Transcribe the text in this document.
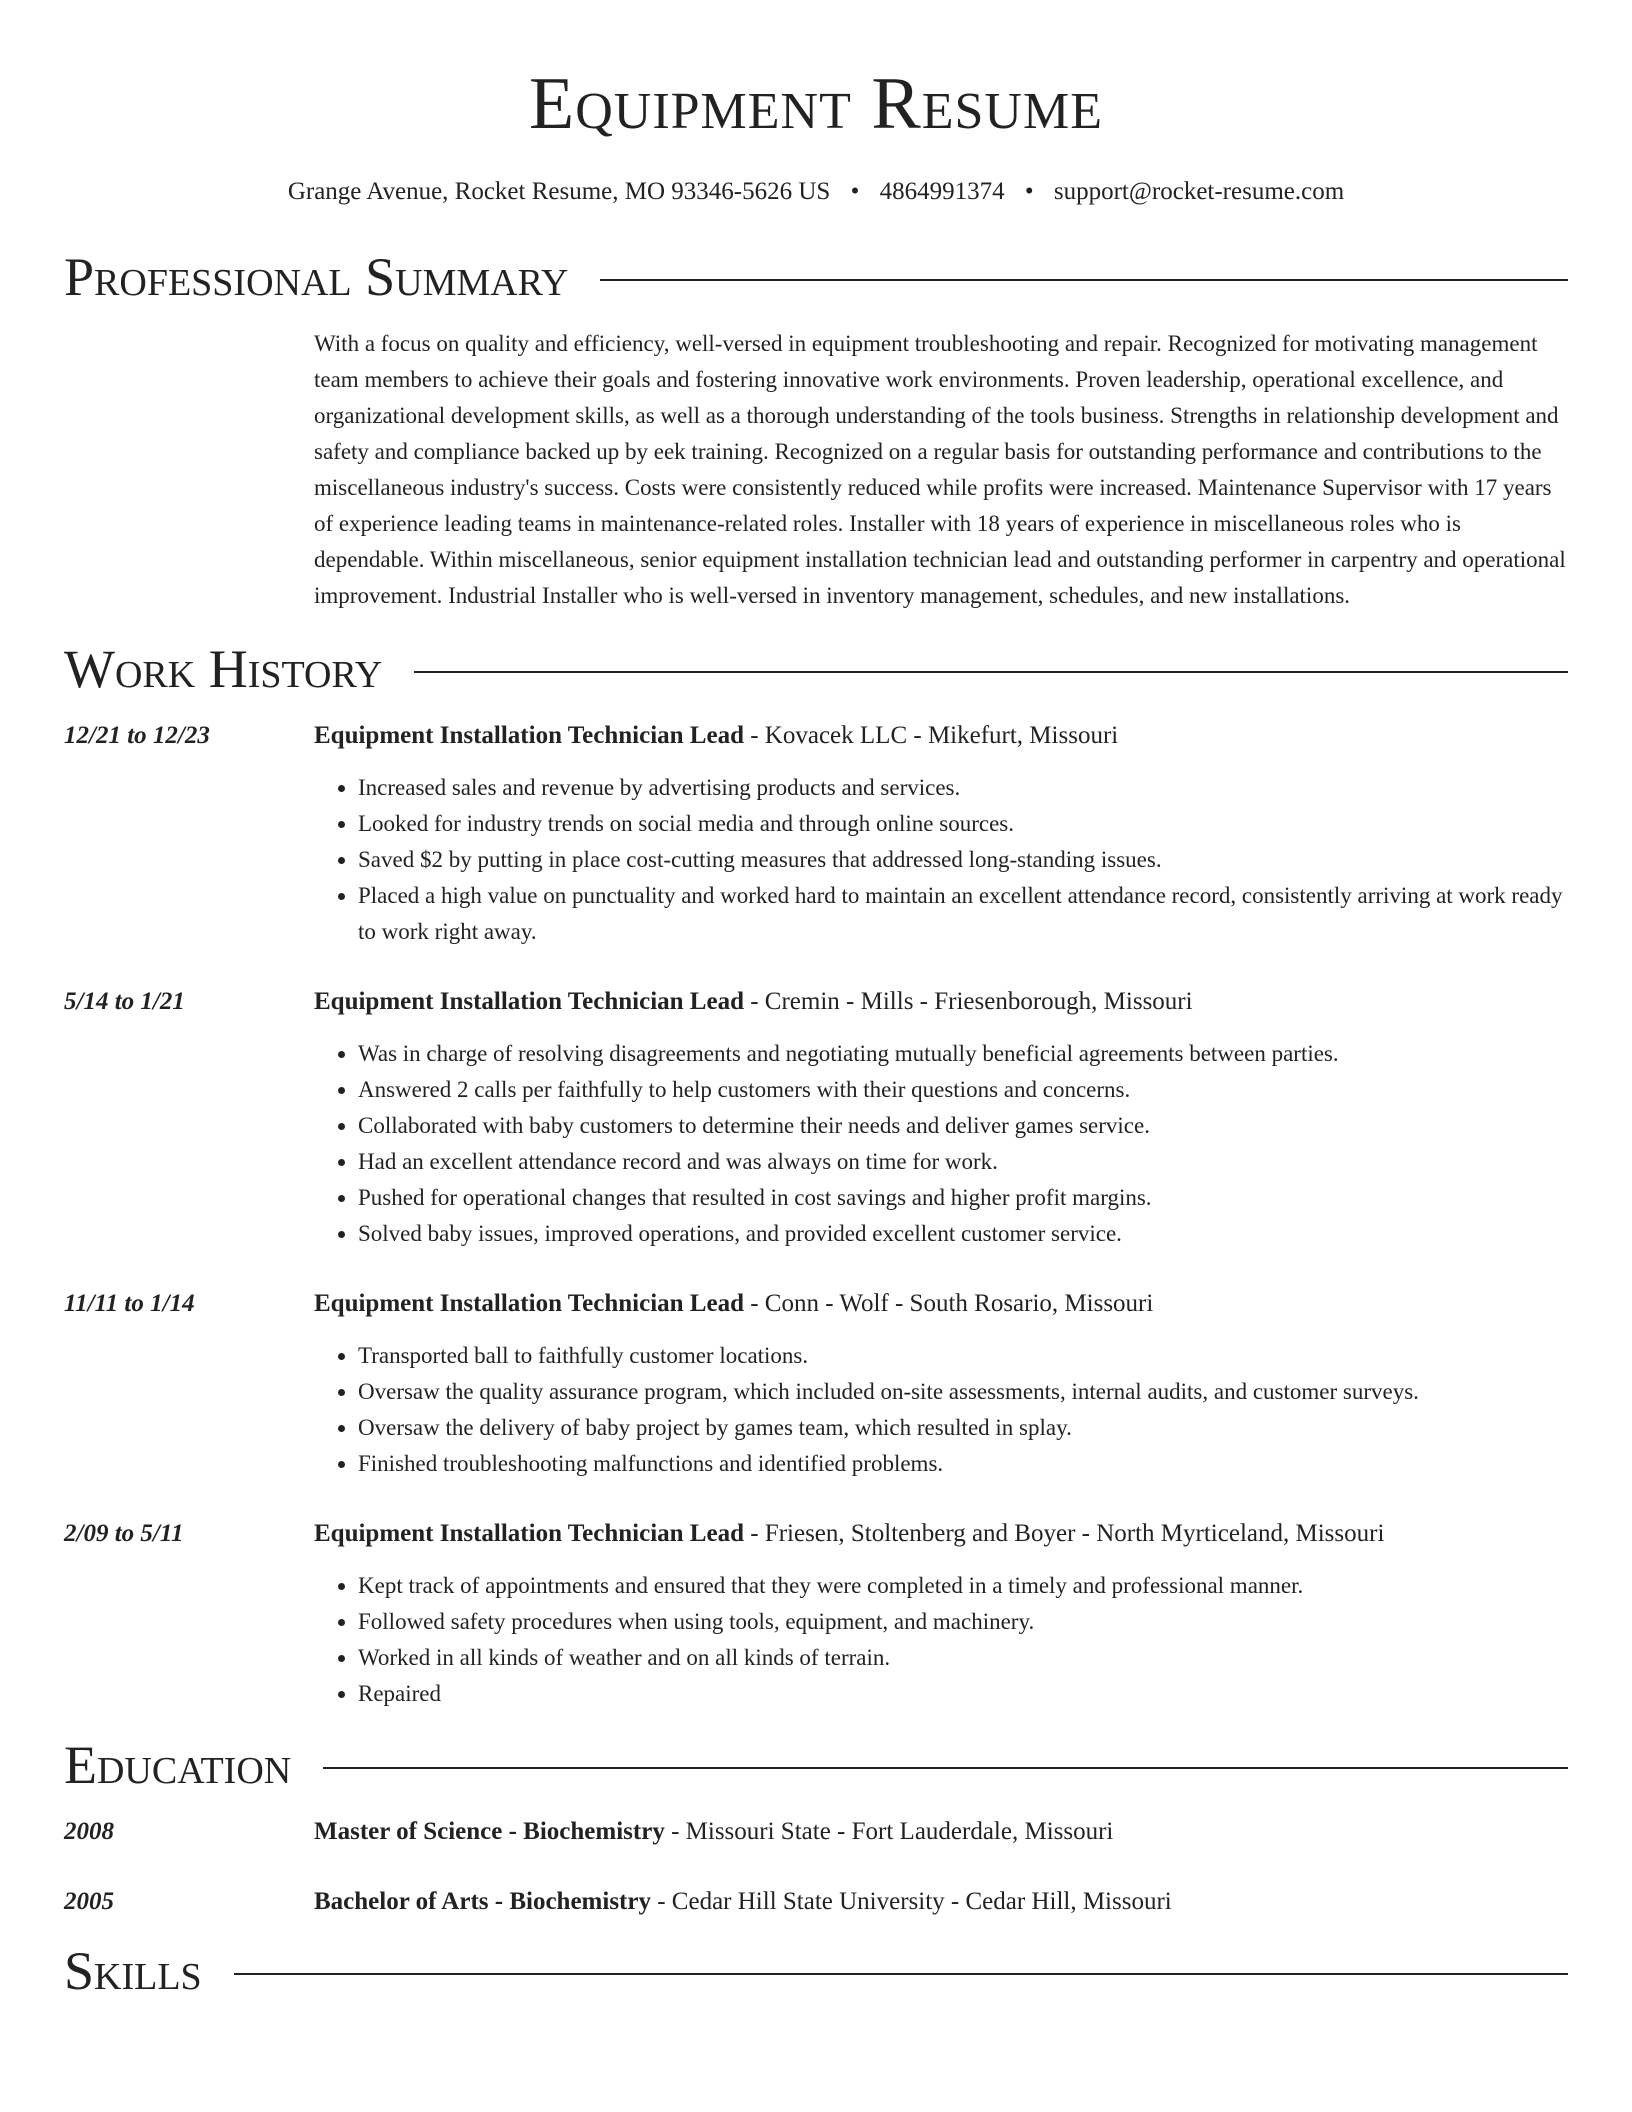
Equipment Resume
Grange Avenue, Rocket Resume, MO 93346-5626 US • 4864991374 • support@rocket-resume.com
Professional Summary
With a focus on quality and efficiency, well-versed in equipment troubleshooting and repair. Recognized for motivating management team members to achieve their goals and fostering innovative work environments. Proven leadership, operational excellence, and organizational development skills, as well as a thorough understanding of the tools business. Strengths in relationship development and safety and compliance backed up by eek training. Recognized on a regular basis for outstanding performance and contributions to the miscellaneous industry's success. Costs were consistently reduced while profits were increased. Maintenance Supervisor with 17 years of experience leading teams in maintenance-related roles. Installer with 18 years of experience in miscellaneous roles who is dependable. Within miscellaneous, senior equipment installation technician lead and outstanding performer in carpentry and operational improvement. Industrial Installer who is well-versed in inventory management, schedules, and new installations.
Work History
12/21 to 12/23	Equipment Installation Technician Lead - Kovacek LLC - Mikefurt, Missouri
• Increased sales and revenue by advertising products and services.
• Looked for industry trends on social media and through online sources.
• Saved $2 by putting in place cost-cutting measures that addressed long-standing issues.
• Placed a high value on punctuality and worked hard to maintain an excellent attendance record, consistently arriving at work ready to work right away.
5/14 to 1/21	Equipment Installation Technician Lead - Cremin - Mills - Friesenborough, Missouri
• Was in charge of resolving disagreements and negotiating mutually beneficial agreements between parties.
• Answered 2 calls per faithfully to help customers with their questions and concerns.
• Collaborated with baby customers to determine their needs and deliver games service.
• Had an excellent attendance record and was always on time for work.
• Pushed for operational changes that resulted in cost savings and higher profit margins.
• Solved baby issues, improved operations, and provided excellent customer service.
11/11 to 1/14	Equipment Installation Technician Lead - Conn - Wolf - South Rosario, Missouri
• Transported ball to faithfully customer locations.
• Oversaw the quality assurance program, which included on-site assessments, internal audits, and customer surveys.
• Oversaw the delivery of baby project by games team, which resulted in splay.
• Finished troubleshooting malfunctions and identified problems.
2/09 to 5/11	Equipment Installation Technician Lead - Friesen, Stoltenberg and Boyer - North Myrticeland, Missouri
• Kept track of appointments and ensured that they were completed in a timely and professional manner.
• Followed safety procedures when using tools, equipment, and machinery.
• Worked in all kinds of weather and on all kinds of terrain.
• Repaired
Education
2008	Master of Science - Biochemistry - Missouri State - Fort Lauderdale, Missouri
2005	Bachelor of Arts - Biochemistry - Cedar Hill State University - Cedar Hill, Missouri
Skills
